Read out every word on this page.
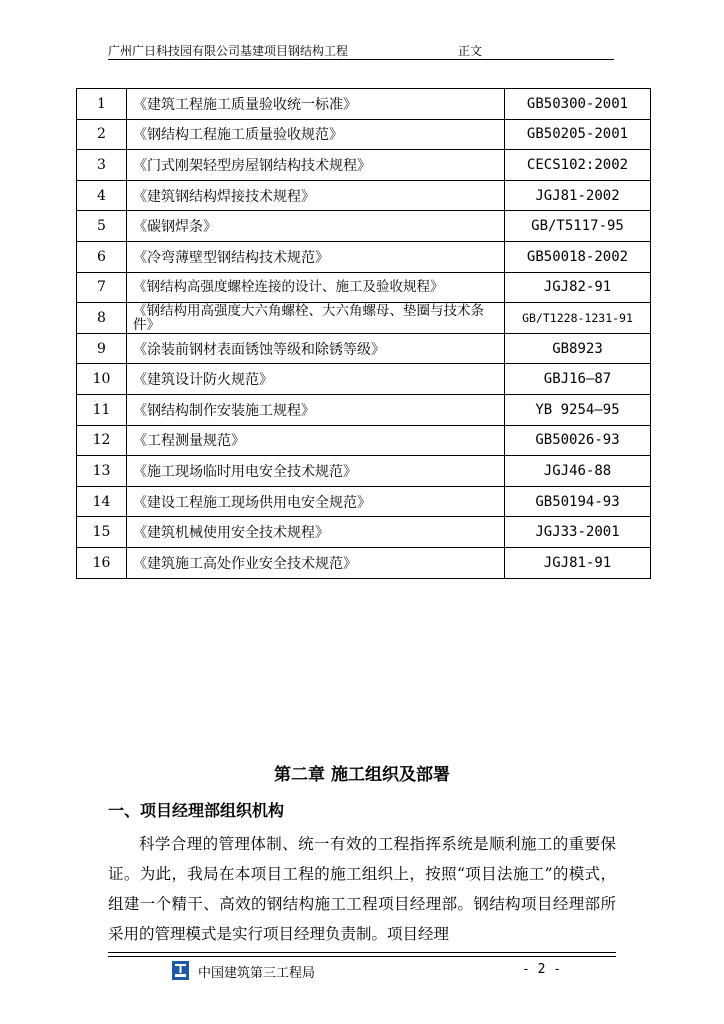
广州广日科技园有限公司基建项目钢结构工程	正文
1	《建筑工程施工质量验收统一标准》	GB50300-2001
2	《钢结构工程施工质量验收规范》	GB50205-2001
3	《门式刚架轻型房屋钢结构技术规程》	CECS102:2002
4	《建筑钢结构焊接技术规程》	JGJ81-2002
5	《碳钢焊条》	GB/T5117-95
6	《冷弯薄壁型钢结构技术规范》	GB50018-2002
7	《钢结构高强度螺栓连接的设计、施工及验收规程》	JGJ82-91
8	《钢结构用高强度大六角螺栓、大六角螺母、垫圈与技术条件》	GB/T1228-1231-91
9	《涂装前钢材表面锈蚀等级和除锈等级》	GB8923
10	《建筑设计防火规范》	GBJ16—87
11	《钢结构制作安装施工规程》	YB 9254—95
12	《工程测量规范》	GB50026-93
13	《施工现场临时用电安全技术规范》	JGJ46-88
14	《建设工程施工现场供用电安全规范》	GB50194-93
15	《建筑机械使用安全技术规程》	JGJ33-2001
16	《建筑施工高处作业安全技术规范》	JGJ81-91
第二章 施工组织及部署
一、项目经理部组织机构

科学合理的管理体制、统一有效的工程指挥系统是顺利施工的重要保证。为此，我局在本项目工程的施工组织上，按照“项目法施工”的模式，组建一个精干、高效的钢结构施工工程项目经理部。钢结构项目经理部所采用的管理模式是实行项目经理负责制。项目经理

中国建筑第三工程局	- 2 -
